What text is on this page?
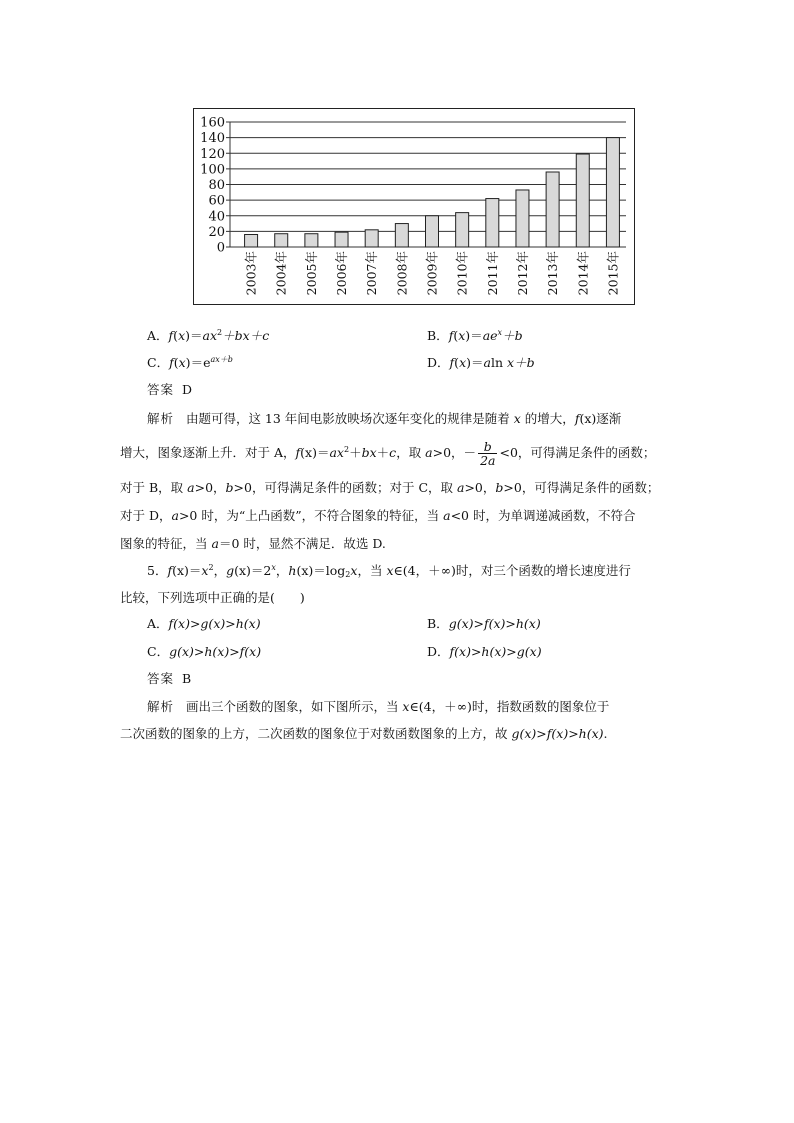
0
20
40
60
80
100
120
140
160
2003年 2004年 2005年 2006年 2007年 2008年 2009年 2010年 2011年 2012年 2013年 2014年 2015年
A．$f(x)=ax^2+bx+c$	B．$f(x)=ae^x+b$
C．$f(x)=e^{ax+b}$	D．f(x)＝aln x＋b
答案 D
解析 由题可得，这 13 年间电影放映场次逐年变化的规律是随着 x 的增大，f(x)逐渐
增大，图象逐渐上升．对于 A，$f(x)=ax^2+bx+c$，取 a>0，－ $\frac{b}{2a} <0$，可得满足条件的函数；
对于 B，取 a>0，b>0，可得满足条件的函数；对于 C，取 a>0，b>0，可得满足条件的函数；
对于 D，a>0 时，为“上凸函数”，不符合图象的特征，当 a<0 时，为单调递减函数，不符合
图象的特征，当 a＝0 时，显然不满足．故选 D.
5．$f(x)=x^2$，$g(x)=2^x$，$h(x)=\log_2x$，当 x∈(4，＋∞)时，对三个函数的增长速度进行
比较，下列选项中正确的是(　　)
A．f(x)>g(x)>h(x)	B．g(x)>f(x)>h(x)
C．g(x)>h(x)>f(x)	D．f(x)>h(x)>g(x)
答案 B
解析 画出三个函数的图象，如下图所示，当 x∈(4，＋∞)时，指数函数的图象位于
二次函数的图象的上方，二次函数的图象位于对数函数图象的上方，故 g(x)>f(x)>h(x).
